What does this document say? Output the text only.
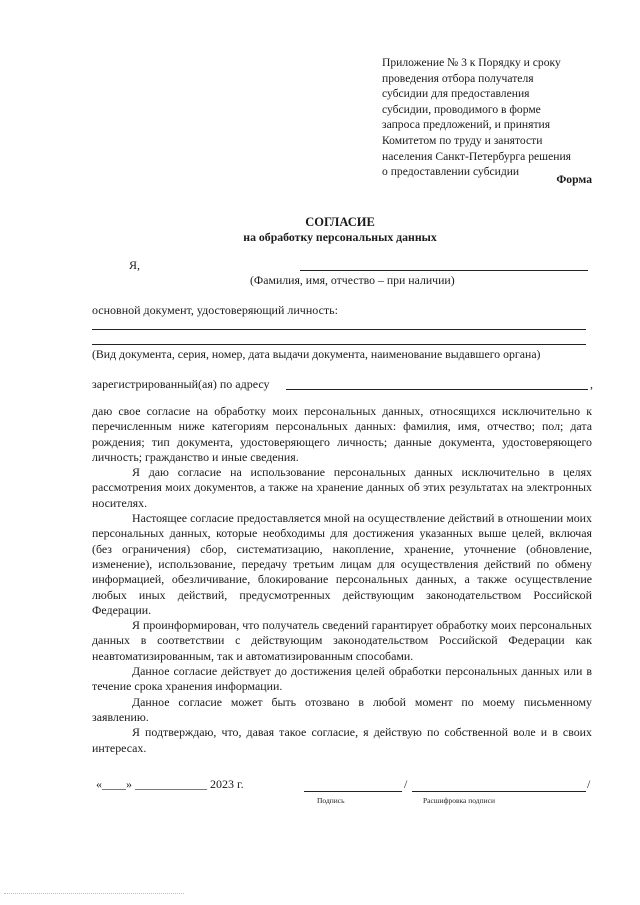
Приложение № 3 к Порядку и сроку
проведения отбора получателя
субсидии для предоставления
субсидии, проводимого в форме
запроса предложений, и принятия
Комитетом по труду и занятости
населения Санкт-Петербурга решения
о предоставлении субсидии
Форма
СОГЛАСИЕ
на обработку персональных данных
Я,
(Фамилия, имя, отчество – при наличии)
основной документ, удостоверяющий личность:
(Вид документа, серия, номер, дата выдачи документа, наименование выдавшего органа)
зарегистрированный(ая) по адресу	,

даю свое согласие на обработку моих персональных данных, относящихся исключительно к перечисленным ниже категориям персональных данных: фамилия, имя, отчество; пол; дата рождения; тип документа, удостоверяющего личность; данные документа, удостоверяющего личность; гражданство и иные сведения.

Я даю согласие на использование персональных данных исключительно в целях рассмотрения моих документов, а также на хранение данных об этих результатах на электронных носителях.

Настоящее согласие предоставляется мной на осуществление действий в отношении моих персональных данных, которые необходимы для достижения указанных выше целей, включая (без ограничения) сбор, систематизацию, накопление, хранение, уточнение (обновление, изменение), использование, передачу третьим лицам для осуществления действий по обмену информацией, обезличивание, блокирование персональных данных, а также осуществление любых иных действий, предусмотренных действующим законодательством Российской Федерации.

Я проинформирован, что получатель сведений гарантирует обработку моих персональных данных в соответствии с действующим законодательством Российской Федерации как неавтоматизированным, так и автоматизированным способами.

Данное согласие действует до достижения целей обработки персональных данных или в течение срока хранения информации.

Данное согласие может быть отозвано в любой момент по моему письменному заявлению.

Я подтверждаю, что, давая такое согласие, я действую по собственной воле и в своих интересах.

«____» ____________ 2023 г.	/	/
Подпись	Расшифровка подписи
